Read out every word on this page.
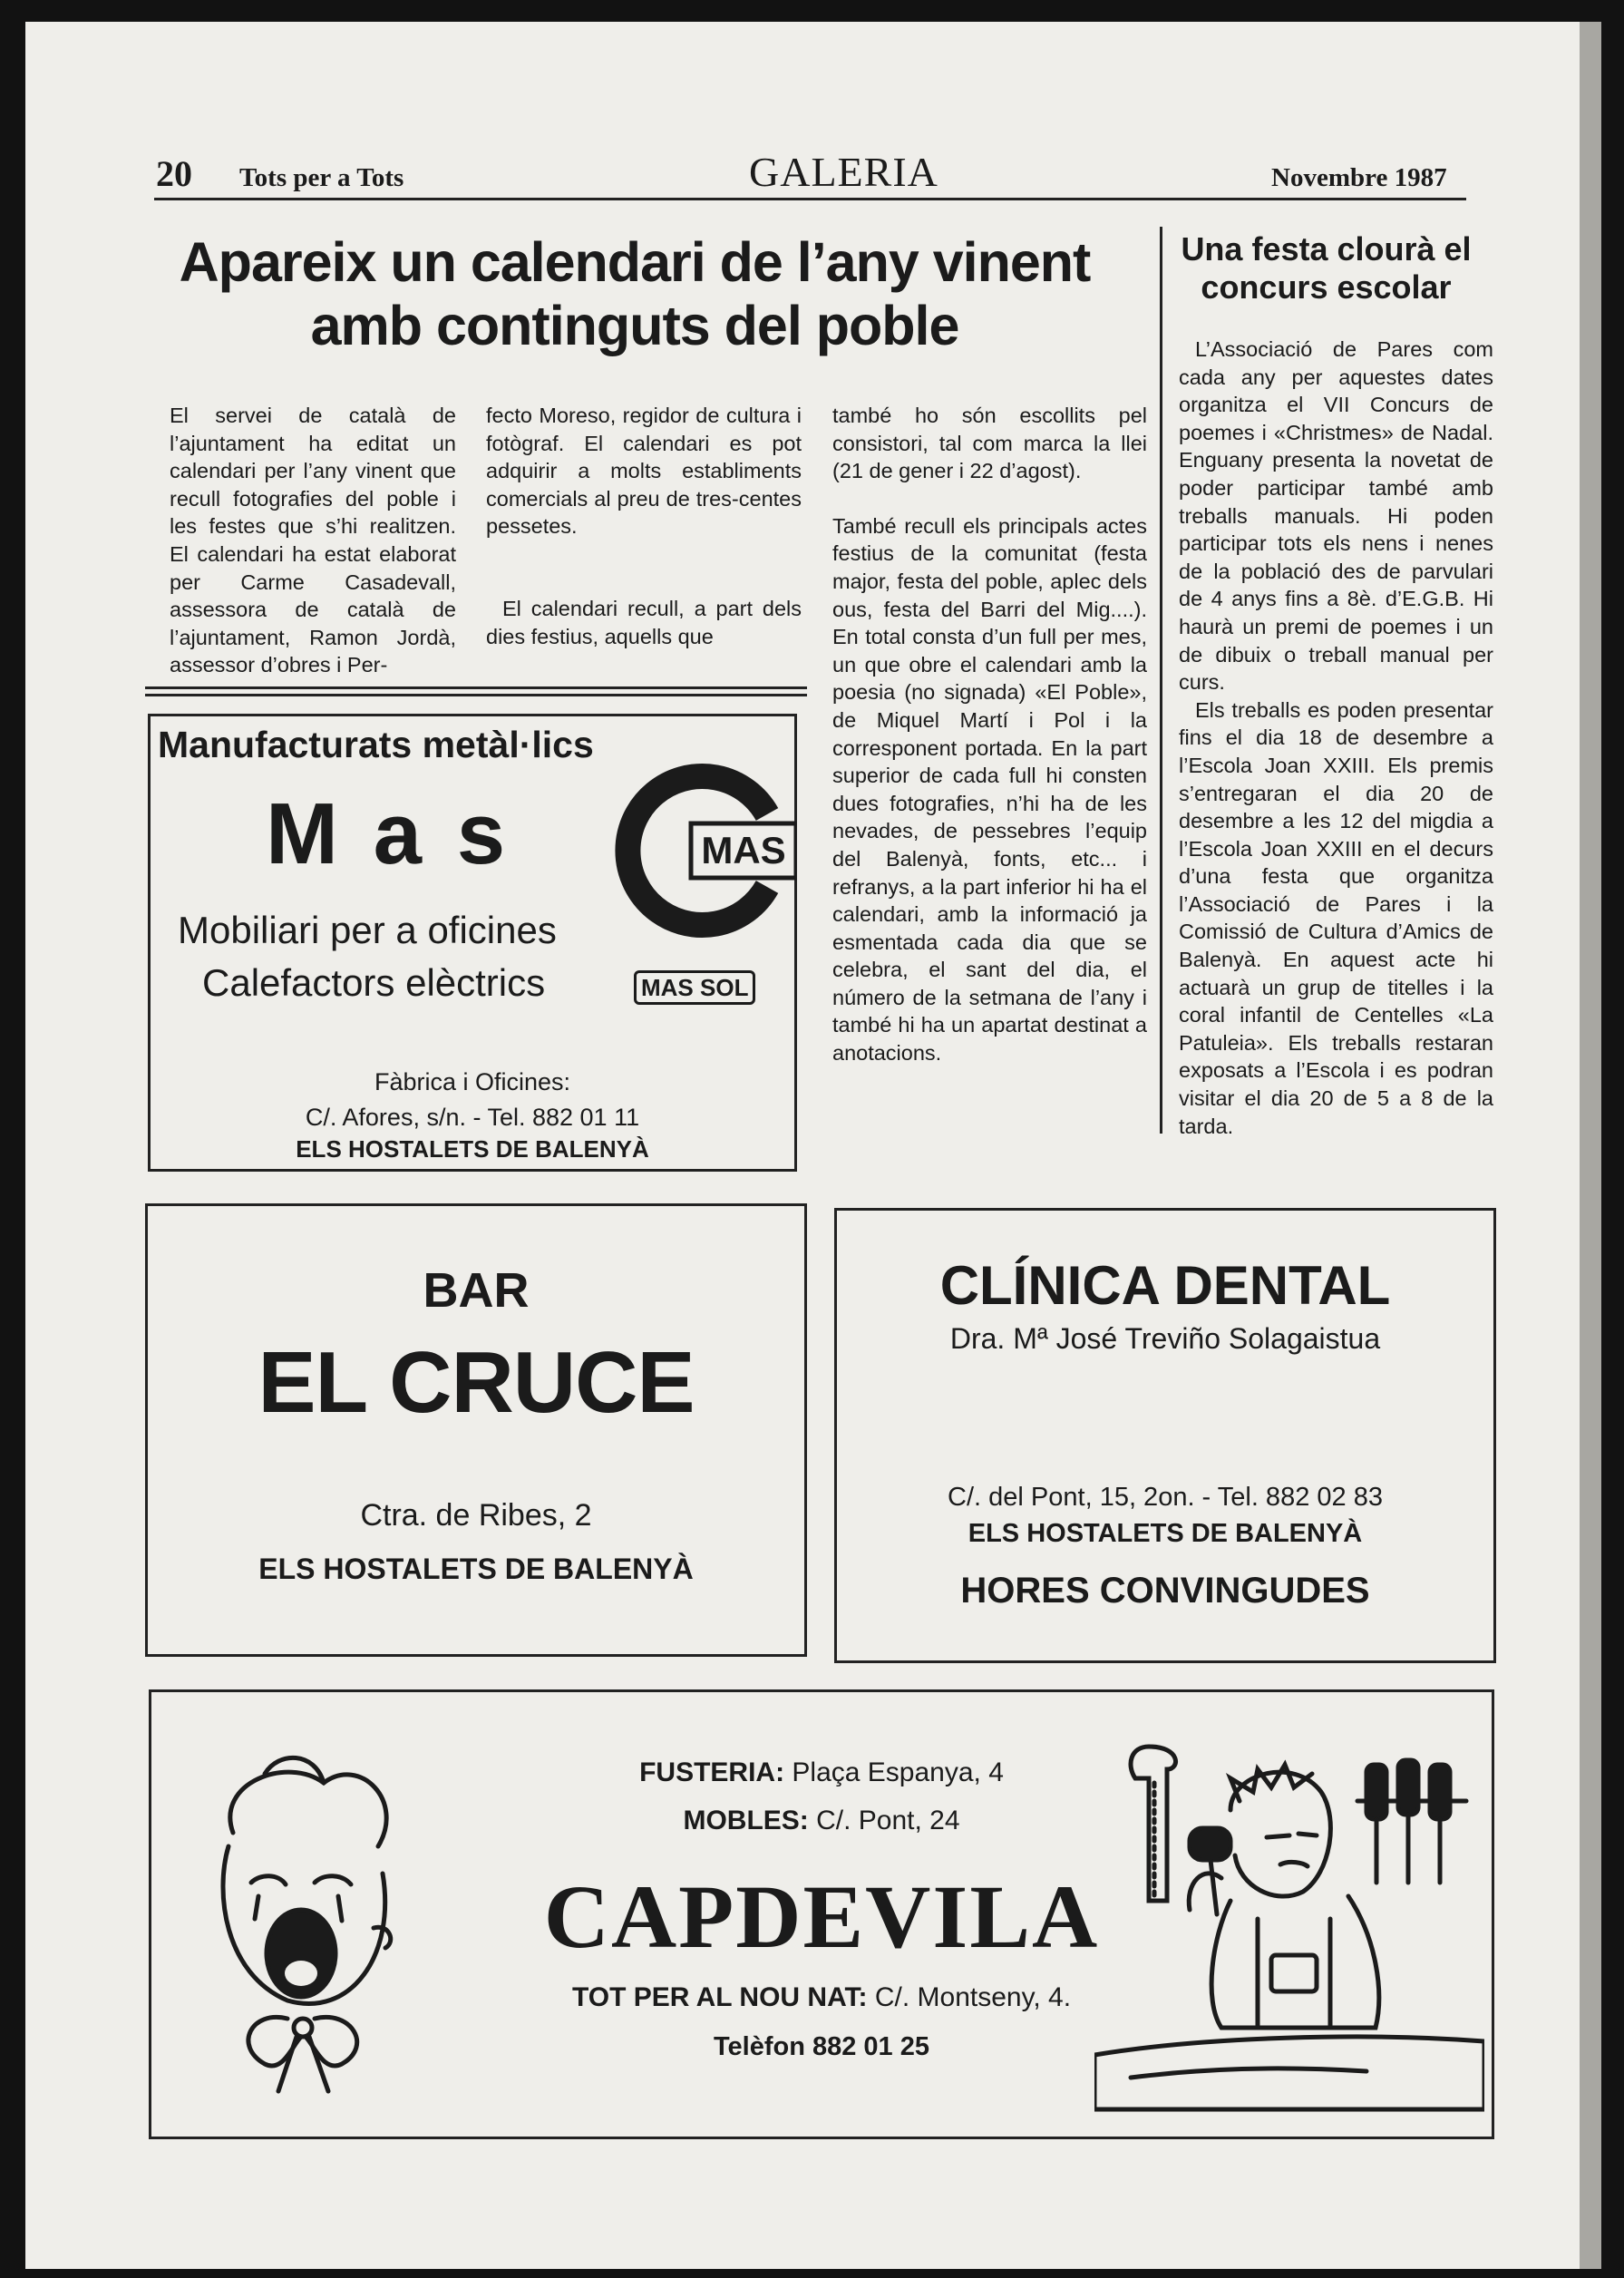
20 Tots per a Tots	GALERIA	Novembre 1987
Apareix un calendari de l’any vinent
amb continguts del poble

El servei de català de l’ajuntament ha editat un calendari per l’any vinent que recull fotografies del poble i les festes que s’hi realitzen. El calendari ha estat elaborat per Carme Casadevall, assessora de català de l’ajuntament, Ramon Jordà, assessor d’obres i Per-

fecto Moreso, regidor de cultura i fotògraf. El calendari es pot adquirir a molts establiments comercials al preu de tres-centes pessetes.

El calendari recull, a part dels dies festius, aquells que

també ho són escollits pel consistori, tal com marca la llei (21 de gener i 22 d’agost).

També recull els principals actes festius de la comunitat (festa major, festa del poble, aplec dels ous, festa del Barri del Mig....). En total consta d’un full per mes, un que obre el calendari amb la poesia (no signada) «El Poble», de Miquel Martí i Pol i la corresponent portada. En la part superior de cada full hi consten dues fotografies, n’hi ha de les nevades, de pessebres l’equip del Balenyà, fonts, etc... i refranys, a la part inferior hi ha el calendari, amb la informació ja esmentada cada dia que se celebra, el sant del dia, el número de la setmana de l’any i també hi ha un apartat destinat a anotacions.

Una festa clourà el
concurs escolar

L’Associació de Pares com cada any per aquestes dates organitza el VII Concurs de poemes i «Christmes» de Nadal. Enguany presenta la novetat de poder participar també amb treballs manuals. Hi poden participar tots els nens i nenes de la població des de parvulari de 4 anys fins a 8è. d’E.G.B. Hi haurà un premi de poemes i un de dibuix o treball manual per curs.

Els treballs es poden presentar fins el dia 18 de desembre a l’Escola Joan XXIII. Els premis s’entregaran el dia 20 de desembre a les 12 del migdia a l’Escola Joan XXIII en el decurs d’una festa que organitza l’Associació de Pares i la Comissió de Cultura d’Amics de Balenyà. En aquest acte hi actuarà un grup de titelles i la coral infantil de Centelles «La Patuleia». Els treballs restaran exposats a l’Escola i es podran visitar el dia 20 de 5 a 8 de la tarda.

Manufacturats metàl·lics
M a s	MAS
Mobiliari per a oficines
Calefactors elèctrics	MAS SOL
Fàbrica i Oficines:
C/. Afores, s/n. - Tel. 882 01 11
ELS HOSTALETS DE BALENYÀ
BAR
EL CRUCE
Ctra. de Ribes, 2
ELS HOSTALETS DE BALENYÀ
CLÍNICA DENTAL
Dra. Mª José Treviño Solagaistua
C/. del Pont, 15, 2on. - Tel. 882 02 83
ELS HOSTALETS DE BALENYÀ
HORES CONVINGUDES
FUSTERIA: Plaça Espanya, 4
MOBLES: C/. Pont, 24
CAPDEVILA
TOT PER AL NOU NAT: C/. Montseny, 4.
Telèfon 882 01 25
